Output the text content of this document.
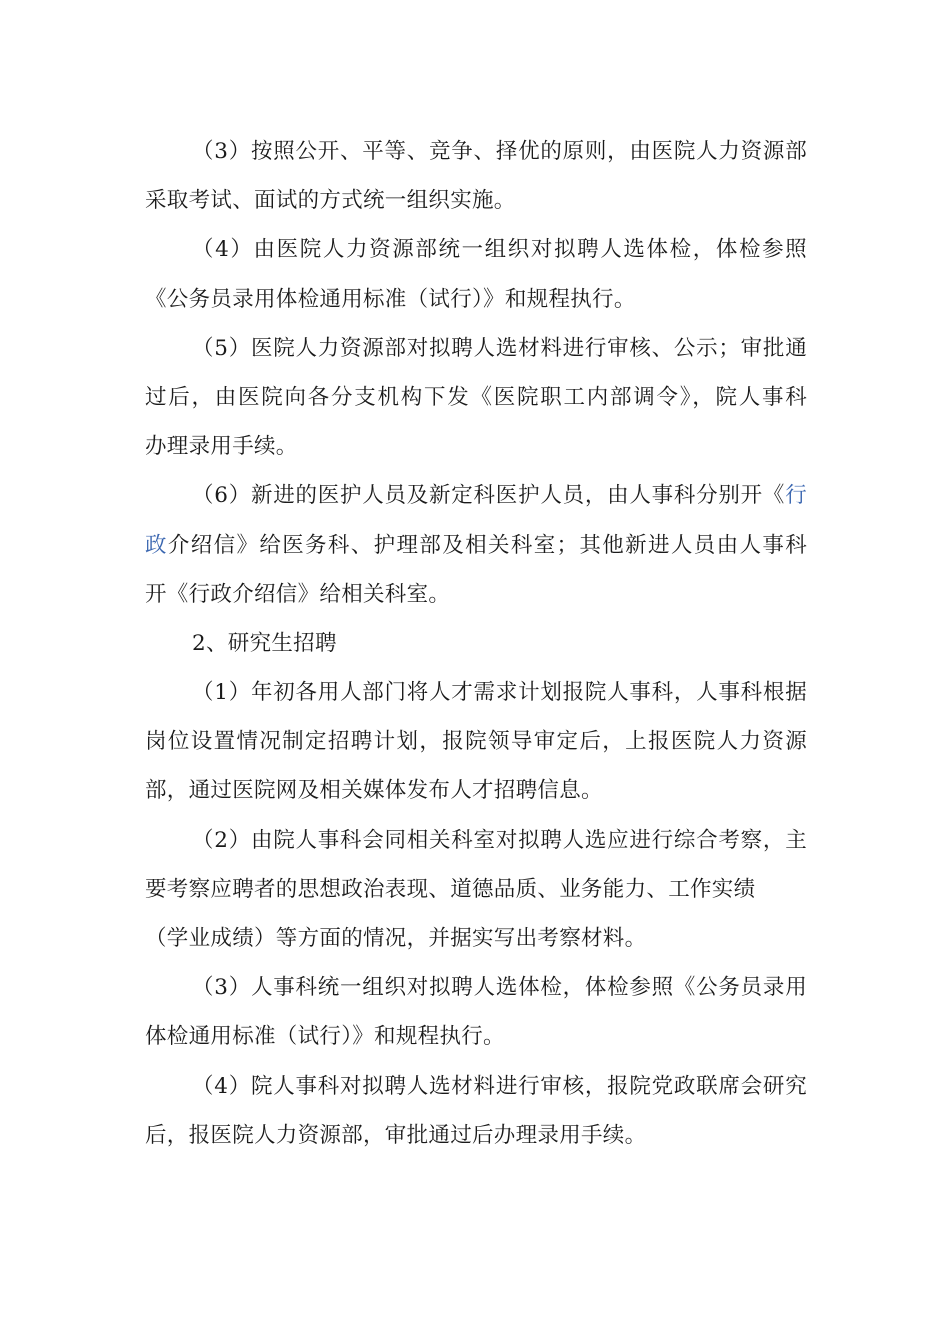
（3）按照公开、平等、竞争、择优的原则，由医院人力资源部
采取考试、面试的方式统一组织实施。
（4）由医院人力资源部统一组织对拟聘人选体检，体检参照
《公务员录用体检通用标准（试行）》和规程执行。
（5）医院人力资源部对拟聘人选材料进行审核、公示；审批通
过后，由医院向各分支机构下发《医院职工内部调令》，院人事科
办理录用手续。
（6）新进的医护人员及新定科医护人员，由人事科分别开《行
政介绍信》给医务科、护理部及相关科室；其他新进人员由人事科
开《行政介绍信》给相关科室。
2、研究生招聘
（1）年初各用人部门将人才需求计划报院人事科，人事科根据
岗位设置情况制定招聘计划，报院领导审定后，上报医院人力资源
部，通过医院网及相关媒体发布人才招聘信息。
（2）由院人事科会同相关科室对拟聘人选应进行综合考察，主
要考察应聘者的思想政治表现、道德品质、业务能力、工作实绩
（学业成绩）等方面的情况，并据实写出考察材料。
（3）人事科统一组织对拟聘人选体检，体检参照《公务员录用
体检通用标准（试行）》和规程执行。
（4）院人事科对拟聘人选材料进行审核，报院党政联席会研究
后，报医院人力资源部，审批通过后办理录用手续。
